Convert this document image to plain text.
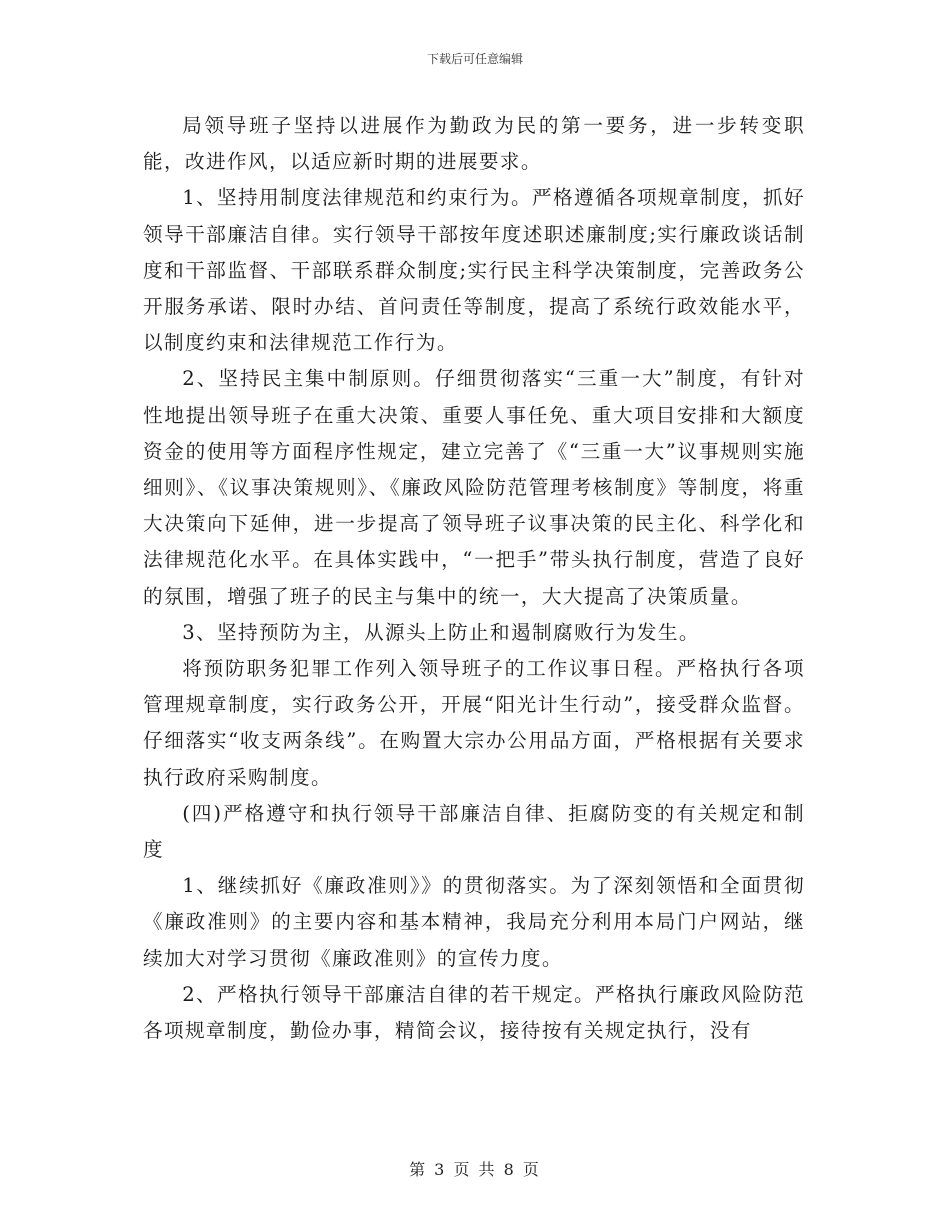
下载后可任意编辑

局领导班子坚持以进展作为勤政为民的第一要务，进一步转变职能，改进作风，以适应新时期的进展要求。

1、坚持用制度法律规范和约束行为。严格遵循各项规章制度，抓好领导干部廉洁自律。实行领导干部按年度述职述廉制度;实行廉政谈话制度和干部监督、干部联系群众制度;实行民主科学决策制度，完善政务公开服务承诺、限时办结、首问责任等制度，提高了系统行政效能水平，以制度约束和法律规范工作行为。

2、坚持民主集中制原则。仔细贯彻落实“三重一大”制度，有针对性地提出领导班子在重大决策、重要人事任免、重大项目安排和大额度资金的使用等方面程序性规定，建立完善了《“三重一大”议事规则实施细则》、《议事决策规则》、《廉政风险防范管理考核制度》等制度，将重大决策向下延伸，进一步提高了领导班子议事决策的民主化、科学化和法律规范化水平。在具体实践中，“一把手”带头执行制度，营造了良好的氛围，增强了班子的民主与集中的统一，大大提高了决策质量。

3、坚持预防为主，从源头上防止和遏制腐败行为发生。

将预防职务犯罪工作列入领导班子的工作议事日程。严格执行各项管理规章制度，实行政务公开，开展“阳光计生行动”，接受群众监督。仔细落实“收支两条线”。在购置大宗办公用品方面，严格根据有关要求执行政府采购制度。

(四)严格遵守和执行领导干部廉洁自律、拒腐防变的有关规定和制度

1、继续抓好《廉政准则》》的贯彻落实。为了深刻领悟和全面贯彻《廉政准则》的主要内容和基本精神，我局充分利用本局门户网站，继续加大对学习贯彻《廉政准则》的宣传力度。

2、严格执行领导干部廉洁自律的若干规定。严格执行廉政风险防范各项规章制度，勤俭办事，精简会议，接待按有关规定执行，没有

第 3 页 共 8 页
